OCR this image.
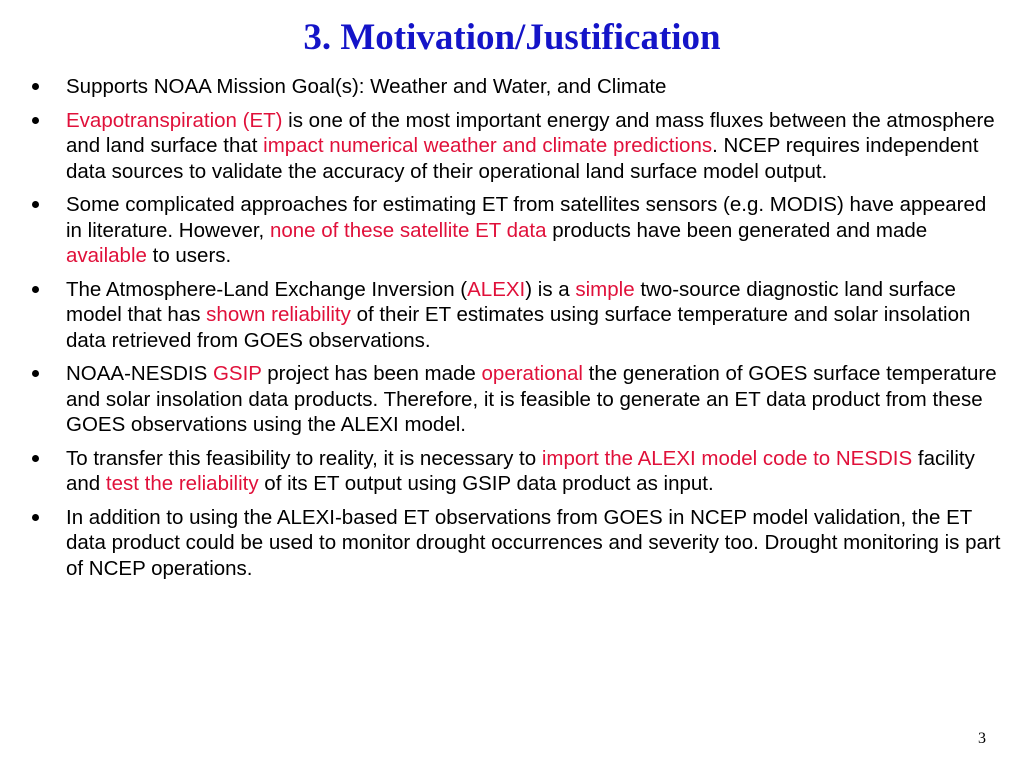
3. Motivation/Justification
Supports NOAA Mission Goal(s): Weather and Water, and Climate
Evapotranspiration (ET) is one of the most important energy and mass fluxes between the atmosphere and land surface that impact numerical weather and climate predictions. NCEP requires independent data sources to validate the accuracy of their operational land surface model output.
Some complicated approaches for estimating ET from satellites sensors (e.g. MODIS) have appeared in literature. However, none of these satellite ET data products have been generated and made available to users.
The Atmosphere-Land Exchange Inversion (ALEXI) is a simple two-source diagnostic land surface model that has shown reliability of their ET estimates using surface temperature and solar insolation data retrieved from GOES observations.
NOAA-NESDIS GSIP project has been made operational the generation of GOES surface temperature and solar insolation data products. Therefore, it is feasible to generate an ET data product from these GOES observations using the ALEXI model.
To transfer this feasibility to reality, it is necessary to import the ALEXI model code to NESDIS facility and test the reliability of its ET output using GSIP data product as input.
In addition to using the ALEXI-based ET observations from GOES in NCEP model validation, the ET data product could be used to monitor drought occurrences and severity too. Drought monitoring is part of NCEP operations.
3
